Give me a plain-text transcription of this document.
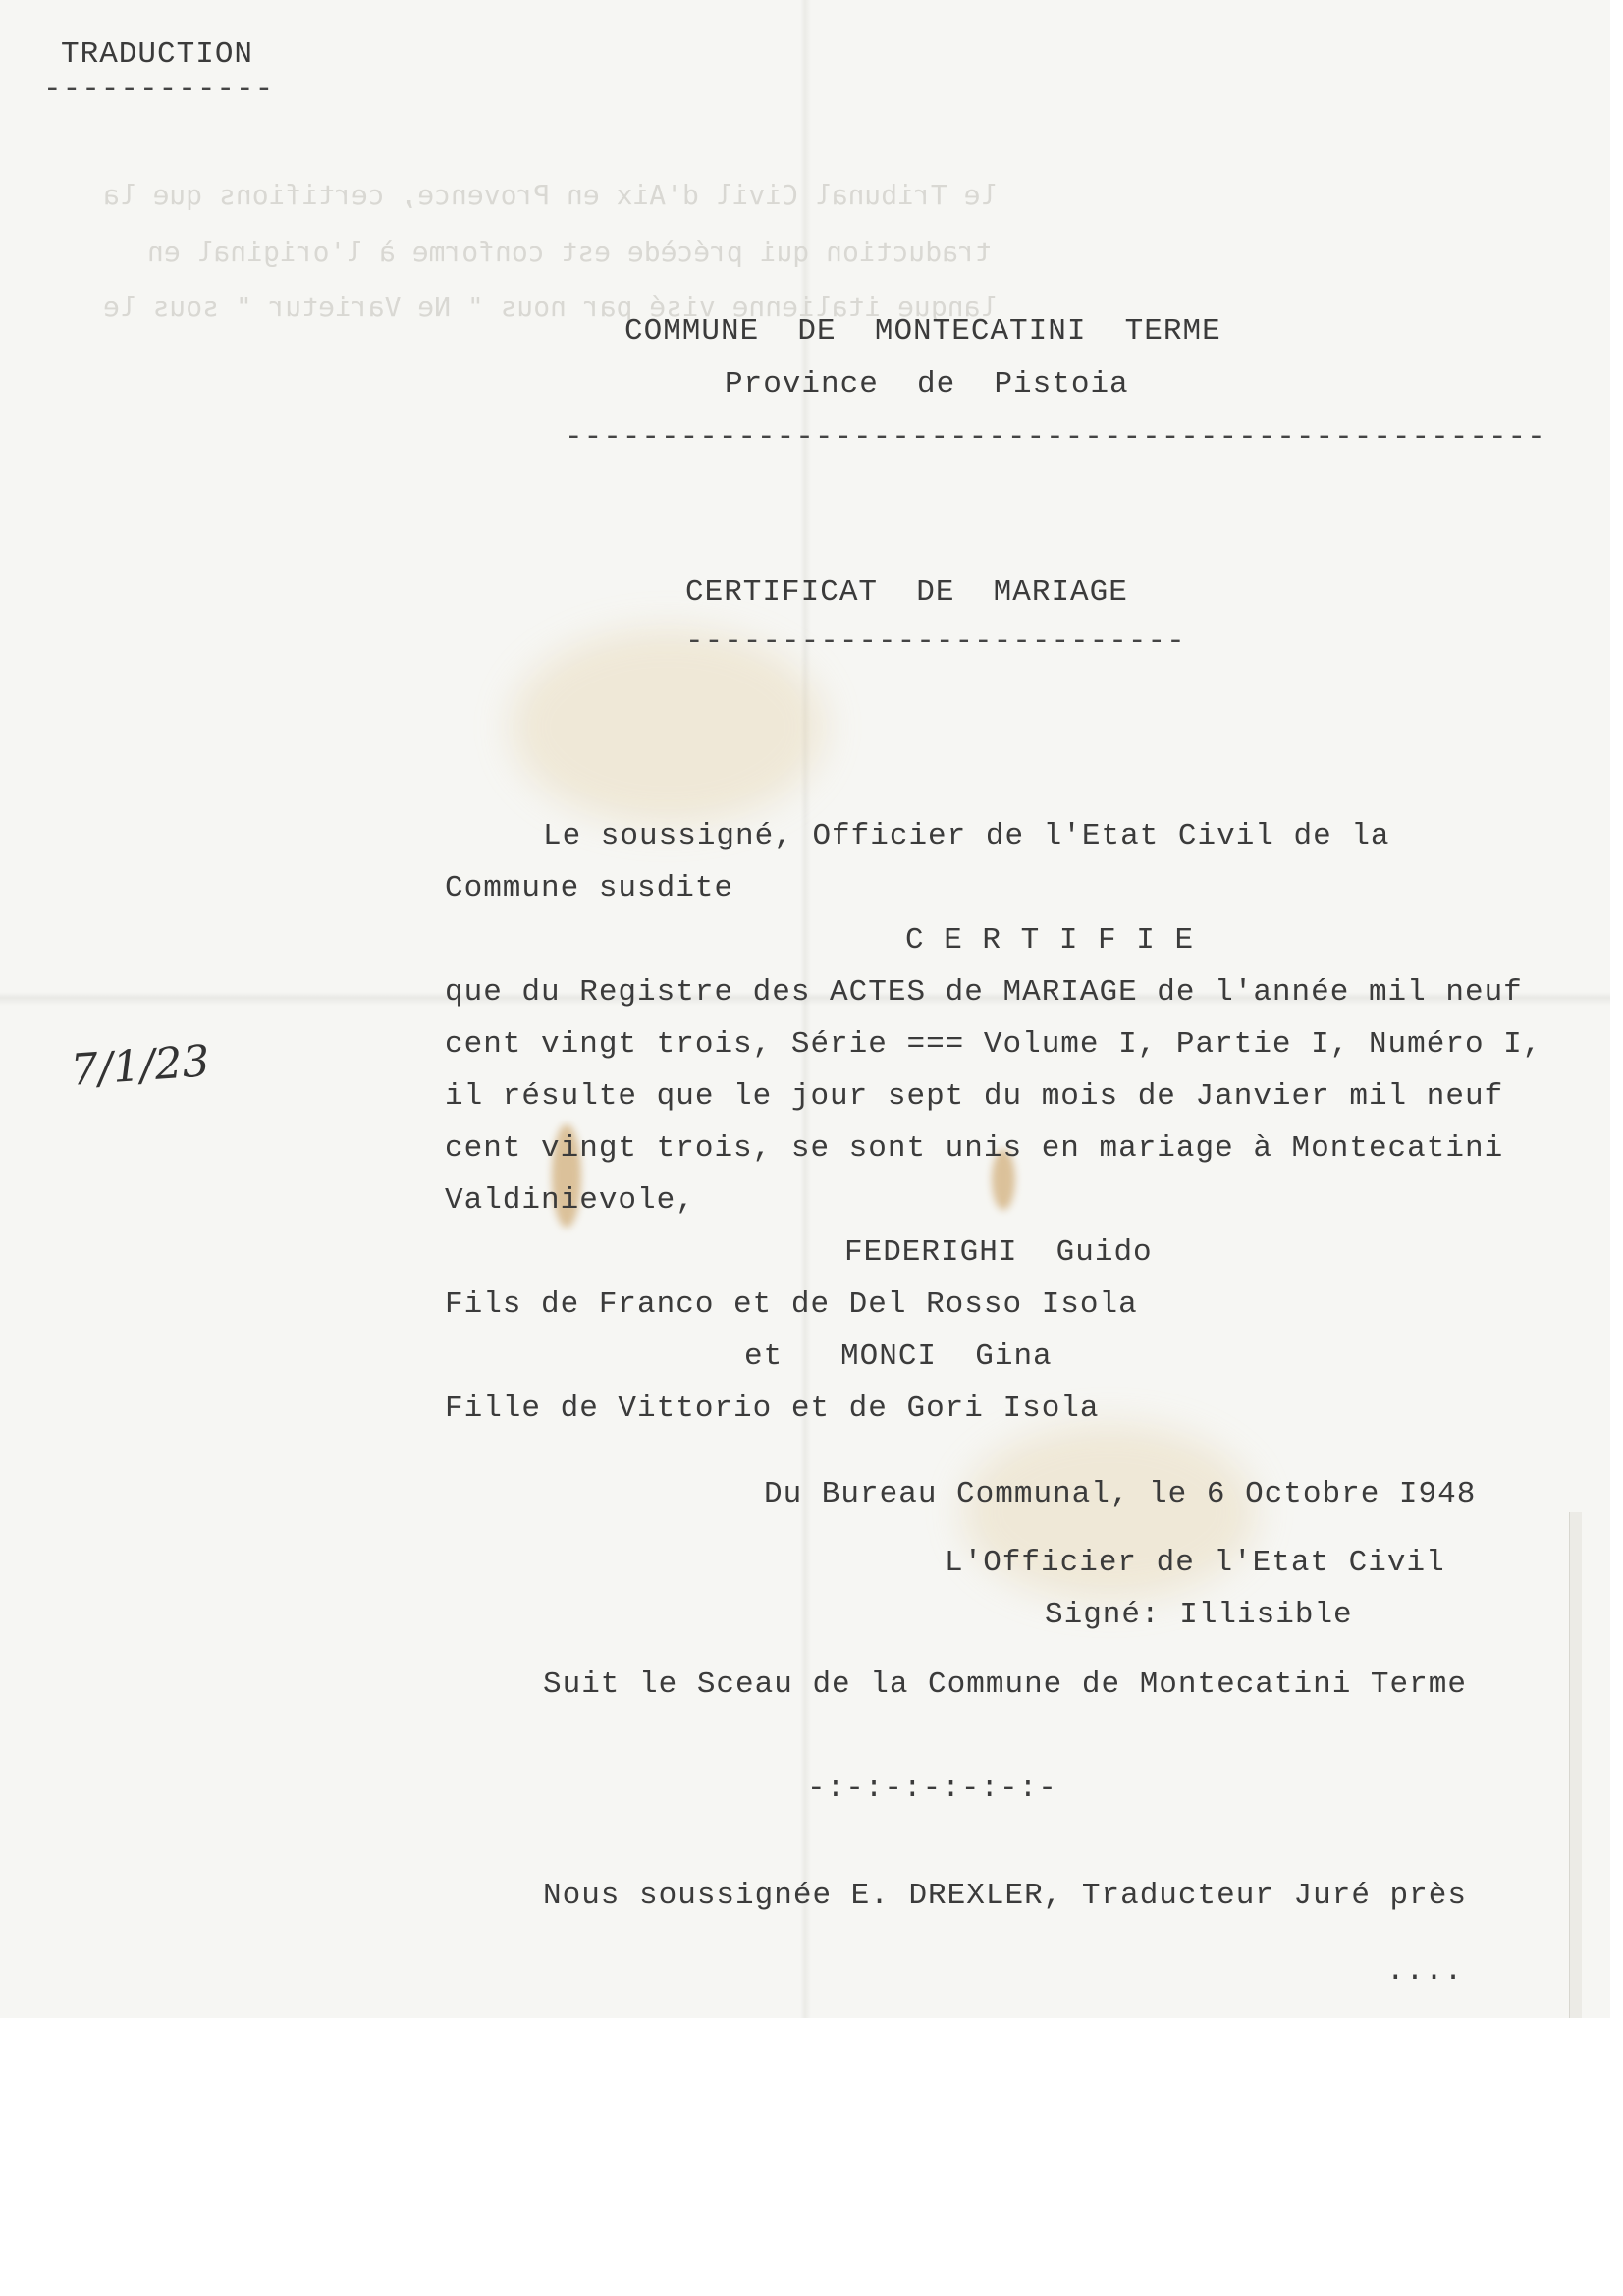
le Tribunal Civil d'Aix en Provence, certifions que la
traduction qui précède est conforme à l'original en
langue italienne visé par nous " Ne Varietur " sous le
TRADUCTION
------------
COMMUNE  DE  MONTECATINI  TERME
Province  de  Pistoia
---------------------------------------------------
CERTIFICAT  DE  MARIAGE
--------------------------
7/1/23
Le soussigné, Officier de l'Etat Civil de la
Commune susdite
C E R T I F I E
que du Registre des ACTES de MARIAGE de l'année mil neuf
cent vingt trois, Série === Volume I, Partie I, Numéro I,
il résulte que le jour sept du mois de Janvier mil neuf
cent vingt trois, se sont unis en mariage à Montecatini
Valdinievole,
FEDERIGHI  Guido
Fils de Franco et de Del Rosso Isola
et   MONCI  Gina
Fille de Vittorio et de Gori Isola
Du Bureau Communal, le 6 Octobre I948
L'Officier de l'Etat Civil
Signé: Illisible
Suit le Sceau de la Commune de Montecatini Terme
-:-:-:-:-:-:-
Nous soussignée E. DREXLER, Traducteur Juré près
....
